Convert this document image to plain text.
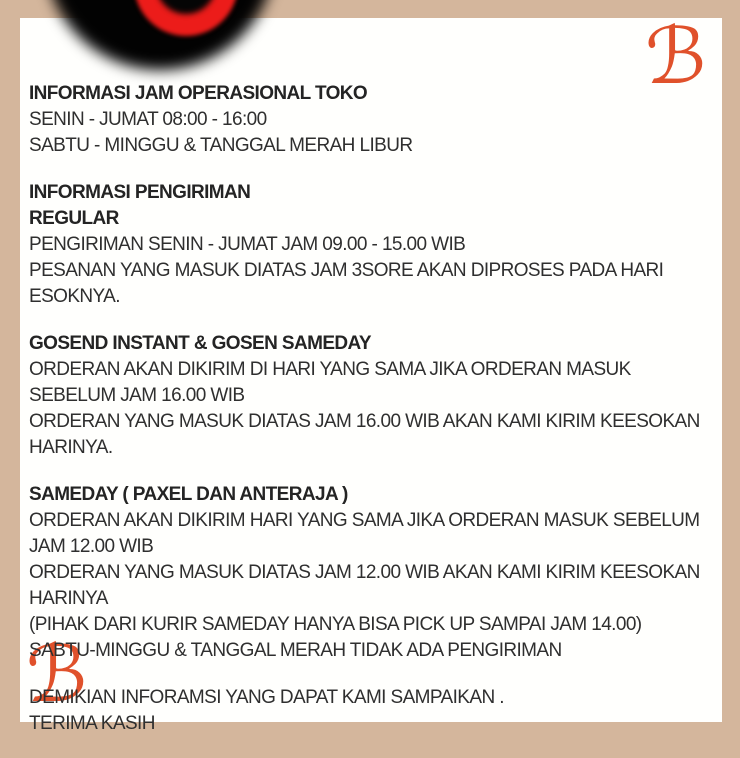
ℬ
ℬ
INFORMASI JAM OPERASIONAL TOKO
SENIN - JUMAT 08:00 - 16:00
SABTU - MINGGU & TANGGAL MERAH LIBUR
INFORMASI PENGIRIMAN
REGULAR
PENGIRIMAN SENIN - JUMAT JAM 09.00 - 15.00 WIB
PESANAN YANG MASUK DIATAS JAM 3SORE AKAN DIPROSES PADA HARI
ESOKNYA.
GOSEND INSTANT & GOSEN SAMEDAY
ORDERAN AKAN DIKIRIM DI HARI YANG SAMA JIKA ORDERAN MASUK
SEBELUM JAM 16.00 WIB
ORDERAN YANG MASUK DIATAS JAM 16.00 WIB AKAN KAMI KIRIM KEESOKAN
HARINYA.
SAMEDAY ( PAXEL DAN ANTERAJA )
ORDERAN AKAN DIKIRIM HARI YANG SAMA JIKA ORDERAN MASUK SEBELUM
JAM 12.00 WIB
ORDERAN YANG MASUK DIATAS JAM 12.00 WIB AKAN KAMI KIRIM KEESOKAN
HARINYA
(PIHAK DARI KURIR SAMEDAY HANYA BISA PICK UP SAMPAI JAM 14.00)
SABTU-MINGGU & TANGGAL MERAH TIDAK ADA PENGIRIMAN
DEMIKIAN INFORAMSI YANG DAPAT KAMI SAMPAIKAN .
TERIMA KASIH
